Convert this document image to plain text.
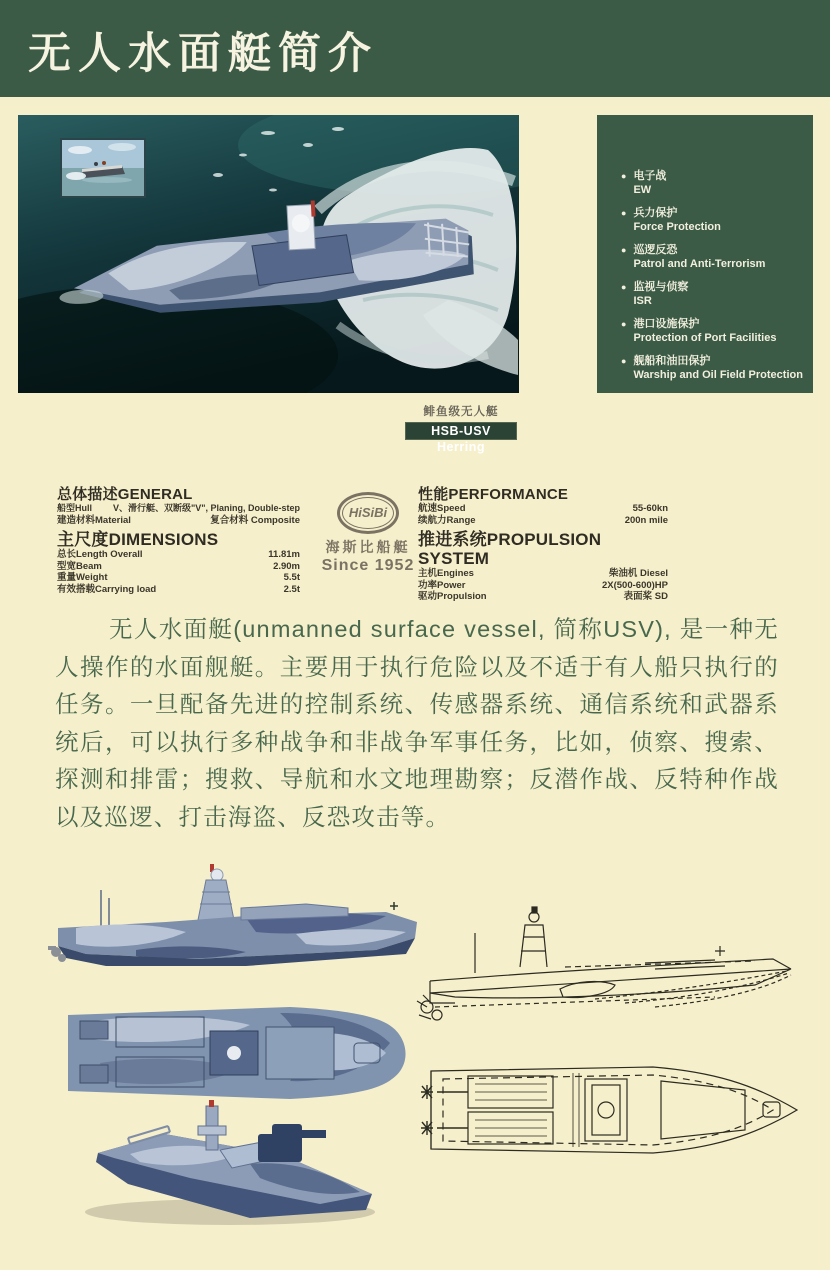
无人水面艇简介
●
电子战
EW
●
兵力保护
Force Protection
●
巡逻反恐
Patrol and Anti-Terrorism
●
监视与侦察
ISR
●
港口设施保护
Protection of Port Facilities
●
舰船和油田保护
Warship and Oil Field Protection
鲱鱼级无人艇
HSB-USV Herring
总体描述GENERAL
船型Hull V、滑行艇、双断级"V", Planing, Double-step
建造材料Material	复合材料 Composite
主尺度DIMENSIONS
总长Length Overall	11.81m
型宽Beam	2.90m
重量Weight	5.5t
有效搭载Carrying load	2.5t
HiSiBi
海斯比船艇
Since 1952
性能PERFORMANCE
航速Speed	55-60kn
续航力Range	200n mile
推进系统PROPULSION SYSTEM
主机Engines	柴油机 Diesel
功率Power	2X(500-600)HP
驱动Propulsion	表面桨 SD

无人水面艇(unmanned surface vessel, 简称USV), 是一种无人操作的水面舰艇。主要用于执行危险以及不适于有人船只执行的任务。一旦配备先进的控制系统、传感器系统、通信系统和武器系统后，可以执行多种战争和非战争军事任务，比如，侦察、搜索、探测和排雷；搜救、导航和水文地理勘察；反潜作战、反特种作战以及巡逻、打击海盗、反恐攻击等。
